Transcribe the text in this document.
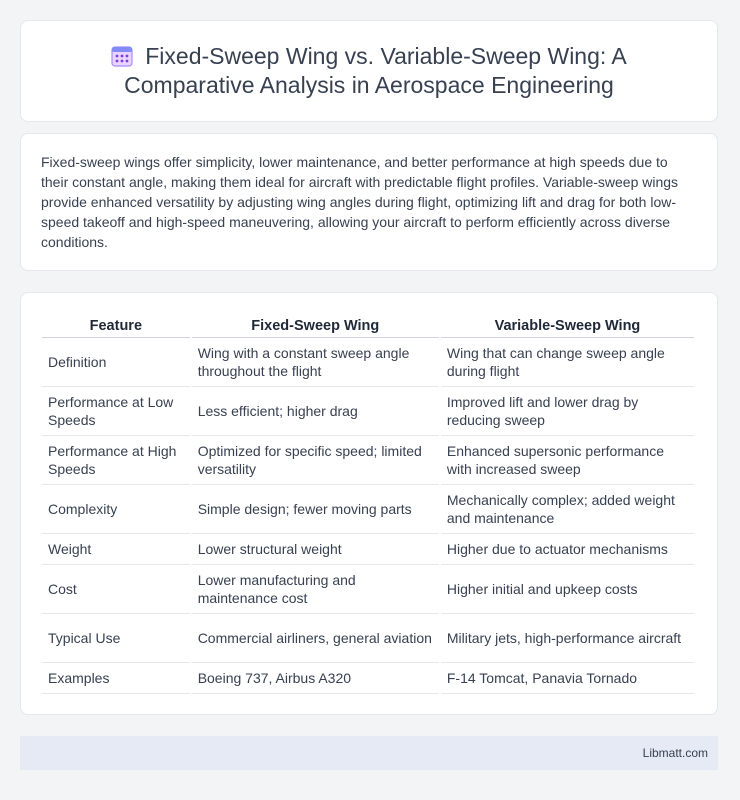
Fixed-Sweep Wing vs. Variable-Sweep Wing: A
Comparative Analysis in Aerospace Engineering

Fixed-sweep wings offer simplicity, lower maintenance, and better performance at high speeds due to their constant angle, making them ideal for aircraft with predictable flight profiles. Variable-sweep wings provide enhanced versatility by adjusting wing angles during flight, optimizing lift and drag for both low-speed takeoff and high-speed maneuvering, allowing your aircraft to perform efficiently across diverse conditions.

Feature	Fixed-Sweep Wing	Variable-Sweep Wing
Definition	Wing with a constant sweep angle throughout the flight	Wing that can change sweep angle during flight
Performance at Low Speeds	Less efficient; higher drag	Improved lift and lower drag by reducing sweep
Performance at High Speeds	Optimized for specific speed; limited versatility	Enhanced supersonic performance with increased sweep
Complexity	Simple design; fewer moving parts	Mechanically complex; added weight and maintenance
Weight	Lower structural weight	Higher due to actuator mechanisms
Cost	Lower manufacturing and maintenance cost	Higher initial and upkeep costs
Typical Use	Commercial airliners, general aviation	Military jets, high-performance aircraft
Examples	Boeing 737, Airbus A320	F-14 Tomcat, Panavia Tornado
Libmatt.com
